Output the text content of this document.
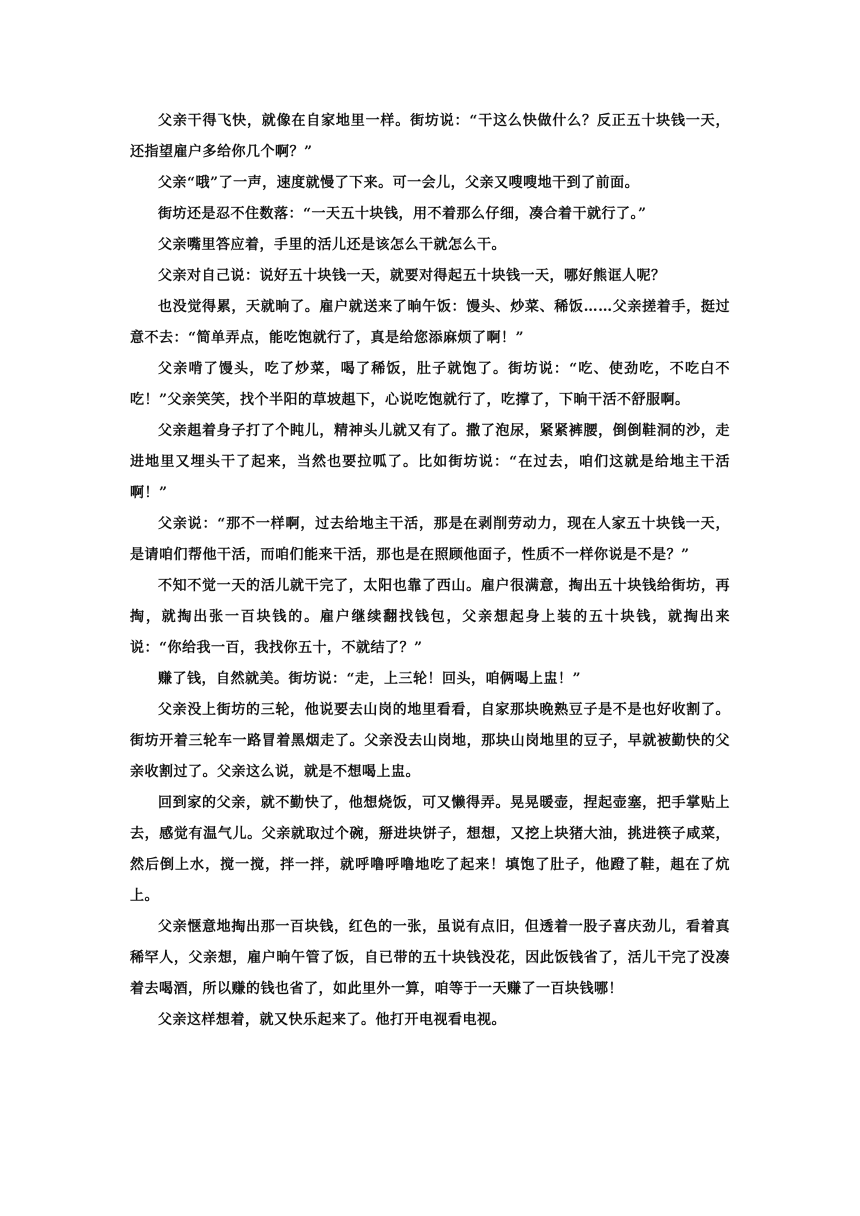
父亲干得飞快，就像在自家地里一样。街坊说：“干这么快做什么？反正五十块钱一天，还指望雇户多给你几个啊？”

父亲“哦”了一声，速度就慢了下来。可一会儿，父亲又嗖嗖地干到了前面。

街坊还是忍不住数落：“一天五十块钱，用不着那么仔细，凑合着干就行了。”

父亲嘴里答应着，手里的活儿还是该怎么干就怎么干。

父亲对自己说：说好五十块钱一天，就要对得起五十块钱一天，哪好熊诓人呢？

也没觉得累，天就晌了。雇户就送来了晌午饭：馒头、炒菜、稀饭……父亲搓着手，挺过意不去：“简单弄点，能吃饱就行了，真是给您添麻烦了啊！”

父亲啃了馒头，吃了炒菜，喝了稀饭，肚子就饱了。街坊说：“吃、使劲吃，不吃白不吃！”父亲笑笑，找个半阳的草坡趄下，心说吃饱就行了，吃撑了，下晌干活不舒服啊。

父亲趄着身子打了个盹儿，精神头儿就又有了。撒了泡尿，紧紧裤腰，倒倒鞋洞的沙，走进地里又埋头干了起来，当然也要拉呱了。比如街坊说：“在过去，咱们这就是给地主干活啊！”

父亲说：“那不一样啊，过去给地主干活，那是在剥削劳动力，现在人家五十块钱一天，是请咱们帮他干活，而咱们能来干活，那也是在照顾他面子，性质不一样你说是不是？”

不知不觉一天的活儿就干完了，太阳也靠了西山。雇户很满意，掏出五十块钱给街坊，再掏，就掏出张一百块钱的。雇户继续翻找钱包，父亲想起身上装的五十块钱，就掏出来说：“你给我一百，我找你五十，不就结了？”

赚了钱，自然就美。街坊说：“走，上三轮！回头，咱俩喝上盅！”

父亲没上街坊的三轮，他说要去山岗的地里看看，自家那块晚熟豆子是不是也好收割了。街坊开着三轮车一路冒着黑烟走了。父亲没去山岗地，那块山岗地里的豆子，早就被勤快的父亲收割过了。父亲这么说，就是不想喝上盅。

回到家的父亲，就不勤快了，他想烧饭，可又懒得弄。晃晃暖壶，捏起壶塞，把手掌贴上去，感觉有温气儿。父亲就取过个碗，掰进块饼子，想想，又挖上块猪大油，挑进筷子咸菜，然后倒上水，搅一搅，拌一拌，就呼噜呼噜地吃了起来！填饱了肚子，他蹬了鞋，趄在了炕上。

父亲惬意地掏出那一百块钱，红色的一张，虽说有点旧，但透着一股子喜庆劲儿，看着真稀罕人，父亲想，雇户晌午管了饭，自已带的五十块钱没花，因此饭钱省了，活儿干完了没凑着去喝酒，所以赚的钱也省了，如此里外一算，咱等于一天赚了一百块钱哪！

父亲这样想着，就又快乐起来了。他打开电视看电视。
